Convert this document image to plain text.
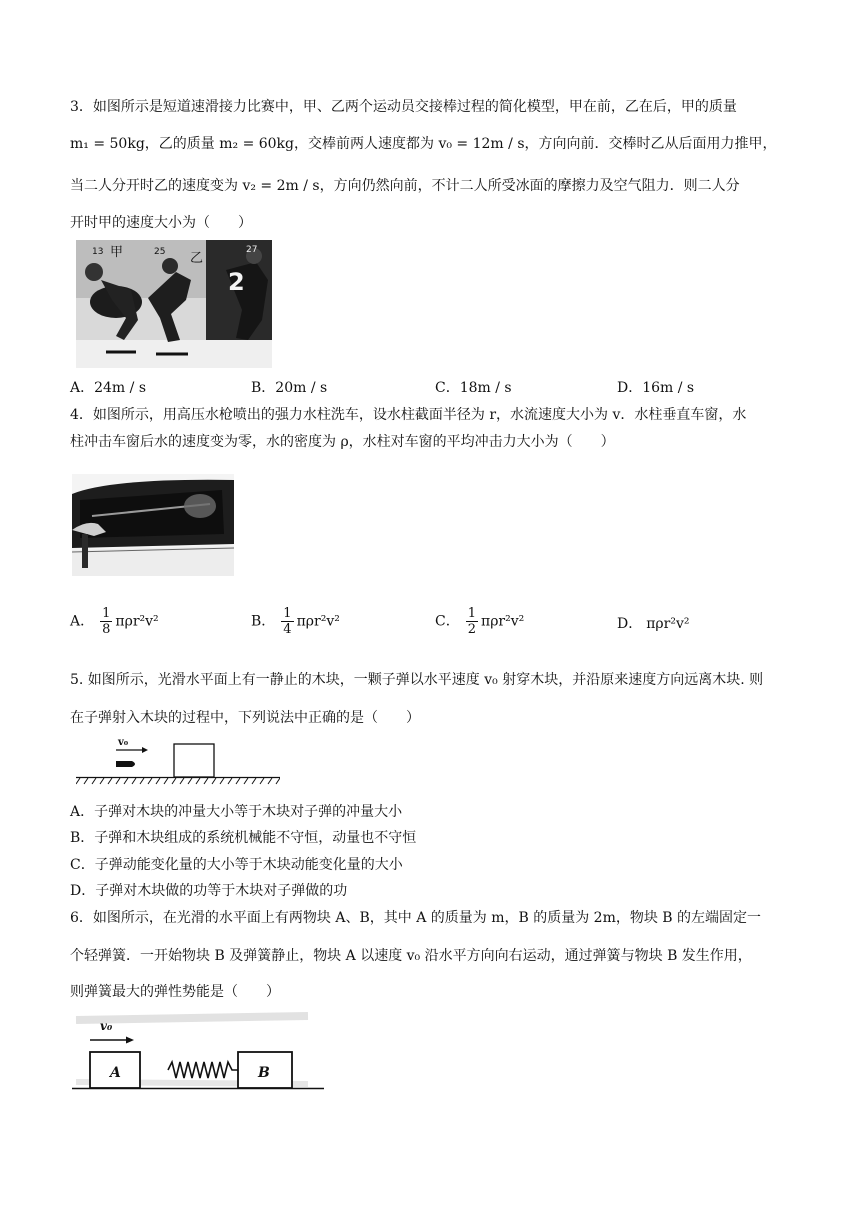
3．如图所示是短道速滑接力比赛中，甲、乙两个运动员交接棒过程的简化模型，甲在前，乙在后，甲的质量
m₁ = 50kg，乙的质量 m₂ = 60kg，交棒前两人速度都为 v₀ = 12m / s，方向向前．交棒时乙从后面用力推甲，
当二人分开时乙的速度变为 v₂ = 2m / s，方向仍然向前，不计二人所受冰面的摩擦力及空气阻力．则二人分
开时甲的速度大小为（　　）
13 甲	25 乙
27
2
A．24m / s	B．20m / s	C．18m / s	D．16m / s
4．如图所示，用高压水枪喷出的强力水柱洗车，设水柱截面半径为 r，水流速度大小为 v．水柱垂直车窗，水
柱冲击车窗后水的速度变为零，水的密度为 ρ，水柱对车窗的平均冲击力大小为（　　）
A． $\frac{1}{8} \pi\rho r^2v^2$	B． $\frac{1}{4} \pi\rho r^2v^2$	C． $\frac{1}{2} \pi\rho r^2v^2$	D． πρr²v²
5. 如图所示，光滑水平面上有一静止的木块，一颗子弹以水平速度 v₀ 射穿木块，并沿原来速度方向远离木块. 则
在子弹射入木块的过程中，下列说法中正确的是（　　）
v₀
A．子弹对木块的冲量大小等于木块对子弹的冲量大小
B．子弹和木块组成的系统机械能不守恒，动量也不守恒
C．子弹动能变化量的大小等于木块动能变化量的大小
D．子弹对木块做的功等于木块对子弹做的功
6．如图所示，在光滑的水平面上有两物块 A、B，其中 A 的质量为 m，B 的质量为 2m，物块 B 的左端固定一
个轻弹簧．一开始物块 B 及弹簧静止，物块 A 以速度 v₀ 沿水平方向向右运动，通过弹簧与物块 B 发生作用，
则弹簧最大的弹性势能是（　　）
v₀
A	B
